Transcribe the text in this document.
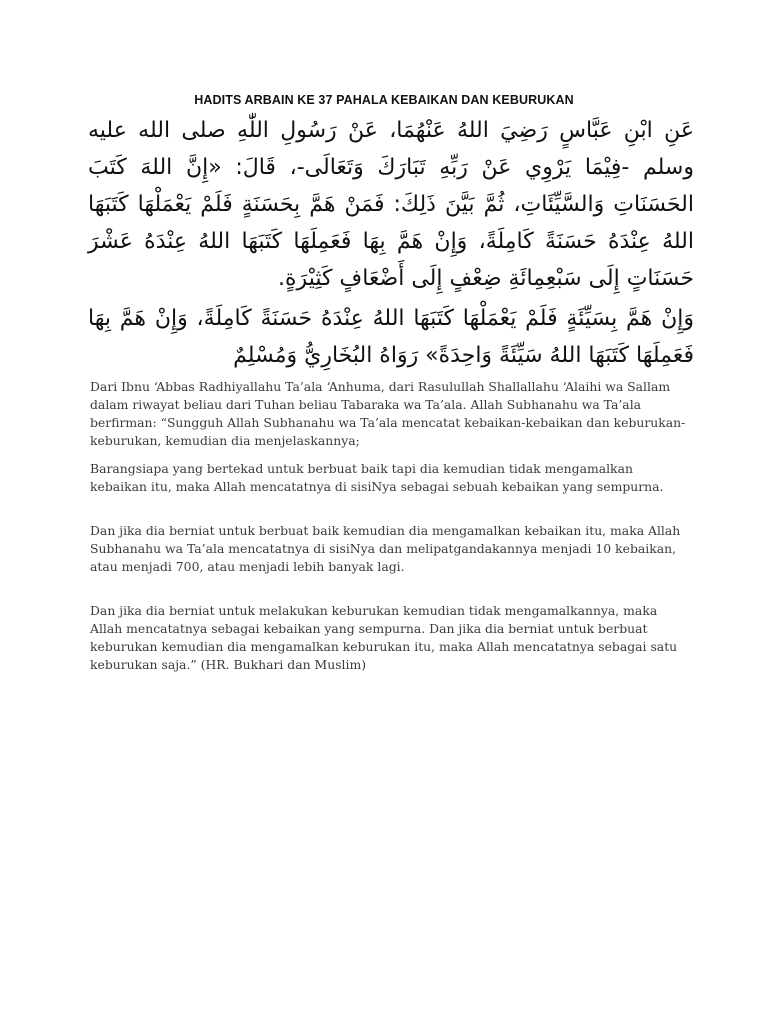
HADITS ARBAIN KE 37 PAHALA KEBAIKAN DAN KEBURUKAN
عَنِ ابْنِ عَبَّاسٍ رَضِيَ اللهُ عَنْهُمَا، عَنْ رَسُولِ اللّٰهِ صلى الله عليه وسلم -فِيْمَا يَرْوِي عَنْ رَبِّهِ تَبَارَكَ وَتَعَالَى-، قَالَ: «إِنَّ اللهَ كَتَبَ الحَسَنَاتِ وَالسَّيِّئَاتِ، ثُمَّ بَيَّنَ ذَلِكَ: فَمَنْ هَمَّ بِحَسَنَةٍ فَلَمْ يَعْمَلْهَا كَتَبَهَا اللهُ عِنْدَهُ حَسَنَةً كَامِلَةً، وَإِنْ هَمَّ بِهَا فَعَمِلَهَا كَتَبَهَا اللهُ عِنْدَهُ عَشْرَ حَسَنَاتٍ إِلَى سَبْعِمِائَةِ ضِعْفٍ إِلَى أَضْعَافٍ كَثِيْرَةٍ.
وَإِنْ هَمَّ بِسَيِّئَةٍ فَلَمْ يَعْمَلْهَا كَتَبَهَا اللهُ عِنْدَهُ حَسَنَةً كَامِلَةً، وَإِنْ هَمَّ بِهَا فَعَمِلَهَا كَتَبَهَا اللهُ سَيِّئَةً وَاحِدَةً» رَوَاهُ البُخَارِيُّ وَمُسْلِمٌ

Dari Ibnu ‘Abbas Radhiyallahu Ta’ala ‘Anhuma, dari Rasulullah Shallallahu ‘Alaihi wa Sallam dalam riwayat beliau dari Tuhan beliau Tabaraka wa Ta’ala. Allah Subhanahu wa Ta’ala berfirman: “Sungguh Allah Subhanahu wa Ta’ala mencatat kebaikan-kebaikan dan keburukan-keburukan, kemudian dia menjelaskannya;

Barangsiapa yang bertekad untuk berbuat baik tapi dia kemudian tidak mengamalkan kebaikan itu, maka Allah mencatatnya di sisiNya sebagai sebuah kebaikan yang sempurna.

Dan jika dia berniat untuk berbuat baik kemudian dia mengamalkan kebaikan itu, maka Allah Subhanahu wa Ta’ala mencatatnya di sisiNya dan melipatgandakannya menjadi 10 kebaikan, atau menjadi 700, atau menjadi lebih banyak lagi.

Dan jika dia berniat untuk melakukan keburukan kemudian tidak mengamalkannya, maka Allah mencatatnya sebagai kebaikan yang sempurna. Dan jika dia berniat untuk berbuat keburukan kemudian dia mengamalkan keburukan itu, maka Allah mencatatnya sebagai satu keburukan saja.” (HR. Bukhari dan Muslim)
